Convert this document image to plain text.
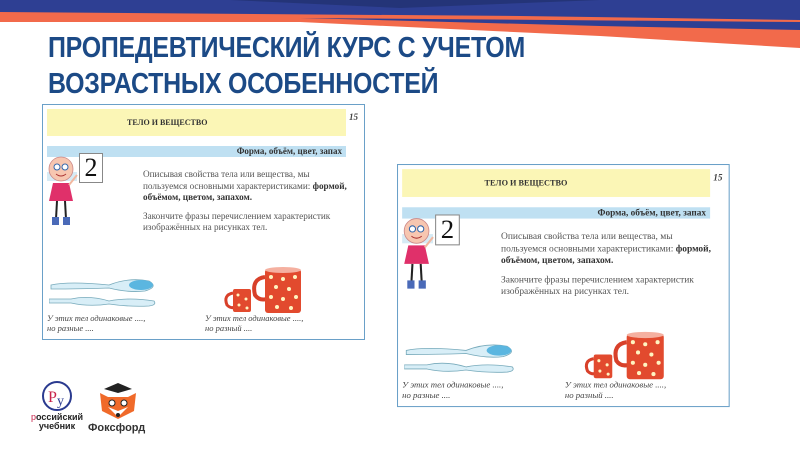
ПРОПЕДЕВТИЧЕСКИЙ КУРС С УЧЕТОМ
ВОЗРАСТНЫХ ОСОБЕННОСТЕЙ
ТЕЛО И ВЕЩЕСТВО
15
Форма, объём, цвет, запах
2	Описывая свойства тела или вещества, мы пользуемся основными характеристиками: формой, объёмом, цветом, запахом.

Закончите фразы перечислением характеристик изображённых на рисунках тел.

У этих тел одинаковые ....,
но разные ....
У этих тел одинаковые ....,
но разный ....
ТЕЛО И ВЕЩЕСТВО
15
Форма, объём, цвет, запах
2	Описывая свойства тела или вещества, мы пользуемся основными характеристиками: формой, объёмом, цветом, запахом.

Закончите фразы перечислением характеристик изображённых на рисунках тел.

У этих тел одинаковые ....,
но разные ....
У этих тел одинаковые ....,
но разный ....
Р у
российский
учебник	Фоксфорд
